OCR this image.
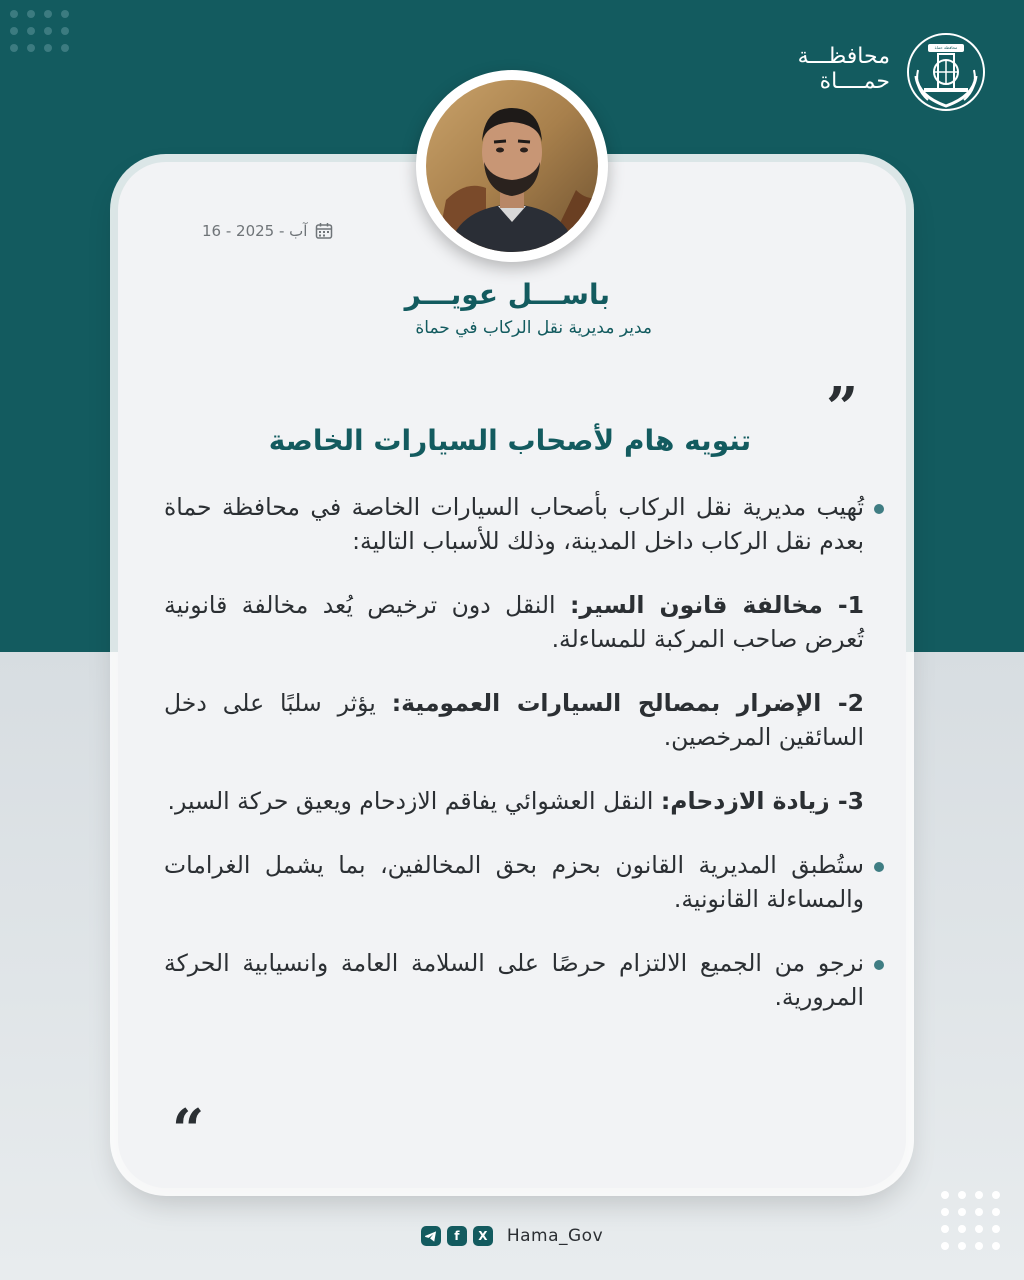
محافظـــة
حمــــاة
محافظة حماة
16 - آب - 2025
باســـل عويـــر
مدير مديرية نقل الركاب في حماة
”
تنويه هام لأصحاب السيارات الخاصة

تُهيب مديرية نقل الركاب بأصحاب السيارات الخاصة في محافظة حماة بعدم نقل الركاب داخل المدينة، وذلك للأسباب التالية:

1- مخالفة قانون السير: النقل دون ترخيص يُعد مخالفة قانونية تُعرض صاحب المركبة للمساءلة.

2- الإضرار بمصالح السيارات العمومية: يؤثر سلبًا على دخل السائقين المرخصين.

3- زيادة الازدحام: النقل العشوائي يفاقم الازدحام ويعيق حركة السير.

ستُطبق المديرية القانون بحزم بحق المخالفين، بما يشمل الغرامات والمساءلة القانونية.

نرجو من الجميع الالتزام حرصًا على السلامة العامة وانسيابية الحركة المرورية.

“
f	X	Hama_Gov
